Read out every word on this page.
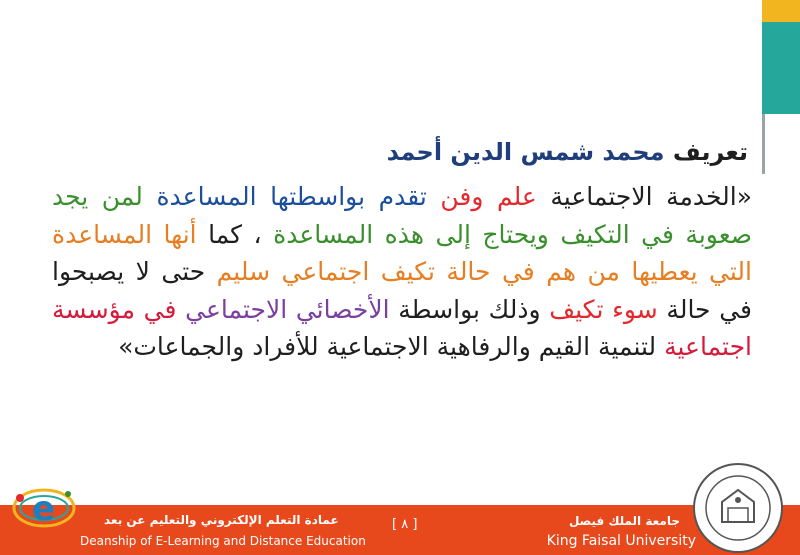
تعريف محمد شمس الدين أحمد
«الخدمة الاجتماعية علم وفن تقدم بواسطتها المساعدة لمن يجد صعوبة في التكيف ويحتاج إلى هذه المساعدة ، كما أنها المساعدة التي يعطيها من هم في حالة تكيف اجتماعي سليم حتى لا يصبحوا في حالة سوء تكيف وذلك بواسطة الأخصائي الاجتماعي في مؤسسة اجتماعية لتنمية القيم والرفاهية الاجتماعية للأفراد والجماعات»
e	عمادة التعلم الإلكتروني والتعليم عن بعد
Deanship of E-Learning and Distance Education
[ ٨ ]	جامعة الملك فيصل
King Faisal University
